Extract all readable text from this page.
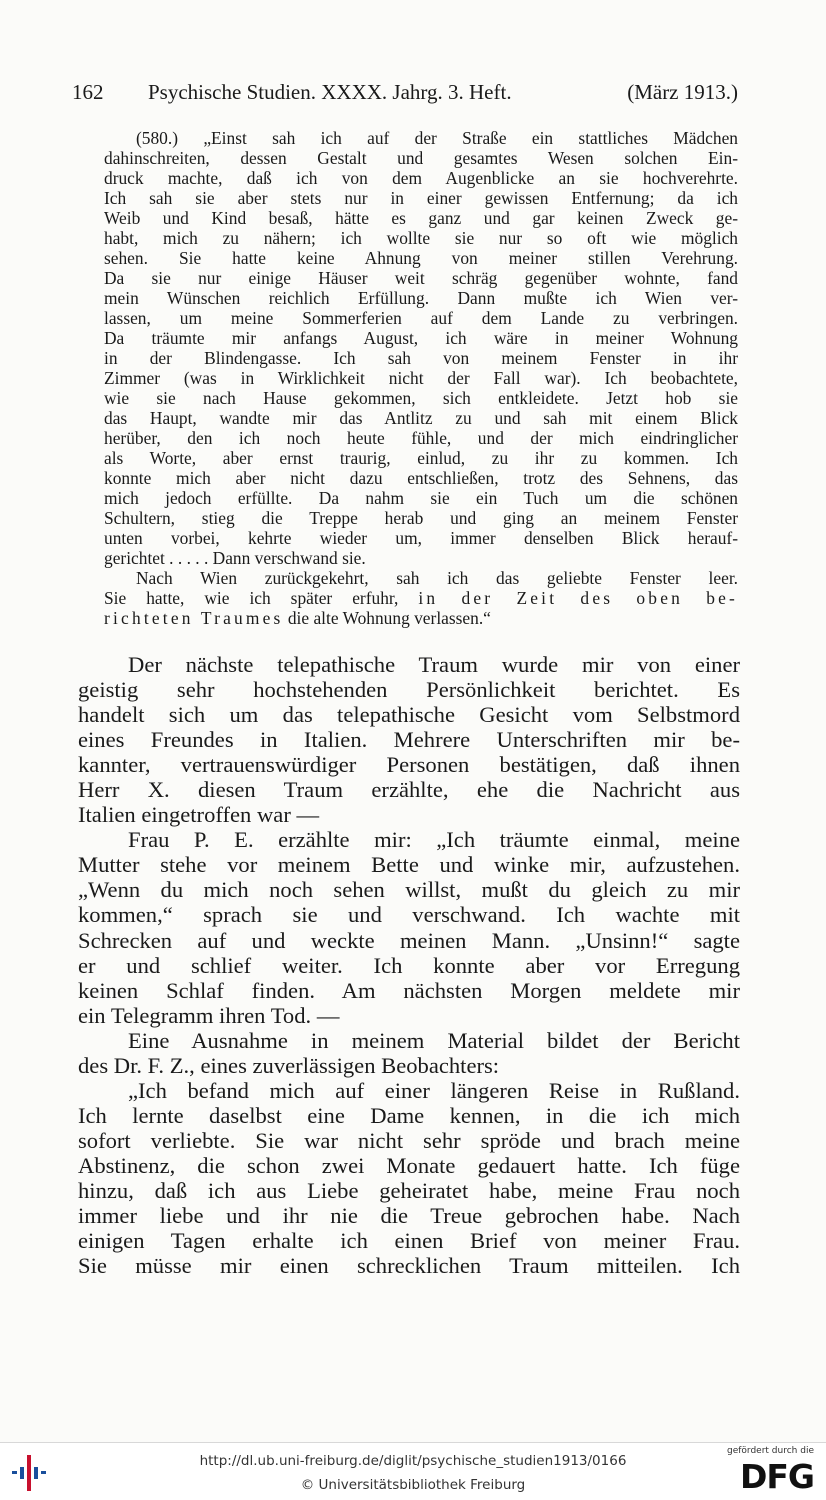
162	Psychische Studien. XXXX. Jahrg. 3. Heft.	(März 1913.)
(580.) „Einst sah ich auf der Straße ein stattliches Mädchen
dahinschreiten, dessen Gestalt und gesamtes Wesen solchen Ein-
druck machte, daß ich von dem Augenblicke an sie hochverehrte.
Ich sah sie aber stets nur in einer gewissen Entfernung; da ich
Weib und Kind besaß, hätte es ganz und gar keinen Zweck ge-
habt, mich zu nähern; ich wollte sie nur so oft wie möglich
sehen. Sie hatte keine Ahnung von meiner stillen Verehrung.
Da sie nur einige Häuser weit schräg gegenüber wohnte, fand
mein Wünschen reichlich Erfüllung. Dann mußte ich Wien ver-
lassen, um meine Sommerferien auf dem Lande zu verbringen.
Da träumte mir anfangs August, ich wäre in meiner Wohnung
in der Blindengasse. Ich sah von meinem Fenster in ihr
Zimmer (was in Wirklichkeit nicht der Fall war). Ich beobachtete,
wie sie nach Hause gekommen, sich entkleidete. Jetzt hob sie
das Haupt, wandte mir das Antlitz zu und sah mit einem Blick
herüber, den ich noch heute fühle, und der mich eindringlicher
als Worte, aber ernst traurig, einlud, zu ihr zu kommen. Ich
konnte mich aber nicht dazu entschließen, trotz des Sehnens, das
mich jedoch erfüllte. Da nahm sie ein Tuch um die schönen
Schultern, stieg die Treppe herab und ging an meinem Fenster
unten vorbei, kehrte wieder um, immer denselben Blick herauf-
gerichtet . . . . . Dann verschwand sie.
Nach Wien zurückgekehrt, sah ich das geliebte Fenster leer.
Sie hatte, wie ich später erfuhr, in der Zeit des oben be-
richteten Traumes die alte Wohnung verlassen.“
Der nächste telepathische Traum wurde mir von einer
geistig sehr hochstehenden Persönlichkeit berichtet. Es
handelt sich um das telepathische Gesicht vom Selbstmord
eines Freundes in Italien. Mehrere Unterschriften mir be-
kannter, vertrauenswürdiger Personen bestätigen, daß ihnen
Herr X. diesen Traum erzählte, ehe die Nachricht aus
Italien eingetroffen war —
Frau P. E. erzählte mir: „Ich träumte einmal, meine
Mutter stehe vor meinem Bette und winke mir, aufzustehen.
„Wenn du mich noch sehen willst, mußt du gleich zu mir
kommen,“ sprach sie und verschwand. Ich wachte mit
Schrecken auf und weckte meinen Mann. „Unsinn!“ sagte
er und schlief weiter. Ich konnte aber vor Erregung
keinen Schlaf finden. Am nächsten Morgen meldete mir
ein Telegramm ihren Tod. —
Eine Ausnahme in meinem Material bildet der Bericht
des Dr. F. Z., eines zuverlässigen Beobachters:
„Ich befand mich auf einer längeren Reise in Rußland.
Ich lernte daselbst eine Dame kennen, in die ich mich
sofort verliebte. Sie war nicht sehr spröde und brach meine
Abstinenz, die schon zwei Monate gedauert hatte. Ich füge
hinzu, daß ich aus Liebe geheiratet habe, meine Frau noch
immer liebe und ihr nie die Treue gebrochen habe. Nach
einigen Tagen erhalte ich einen Brief von meiner Frau.
Sie müsse mir einen schrecklichen Traum mitteilen. Ich
http://dl.ub.uni-freiburg.de/diglit/psychische_studien1913/0166
© Universitätsbibliothek Freiburg
gefördert durch die
DFG
